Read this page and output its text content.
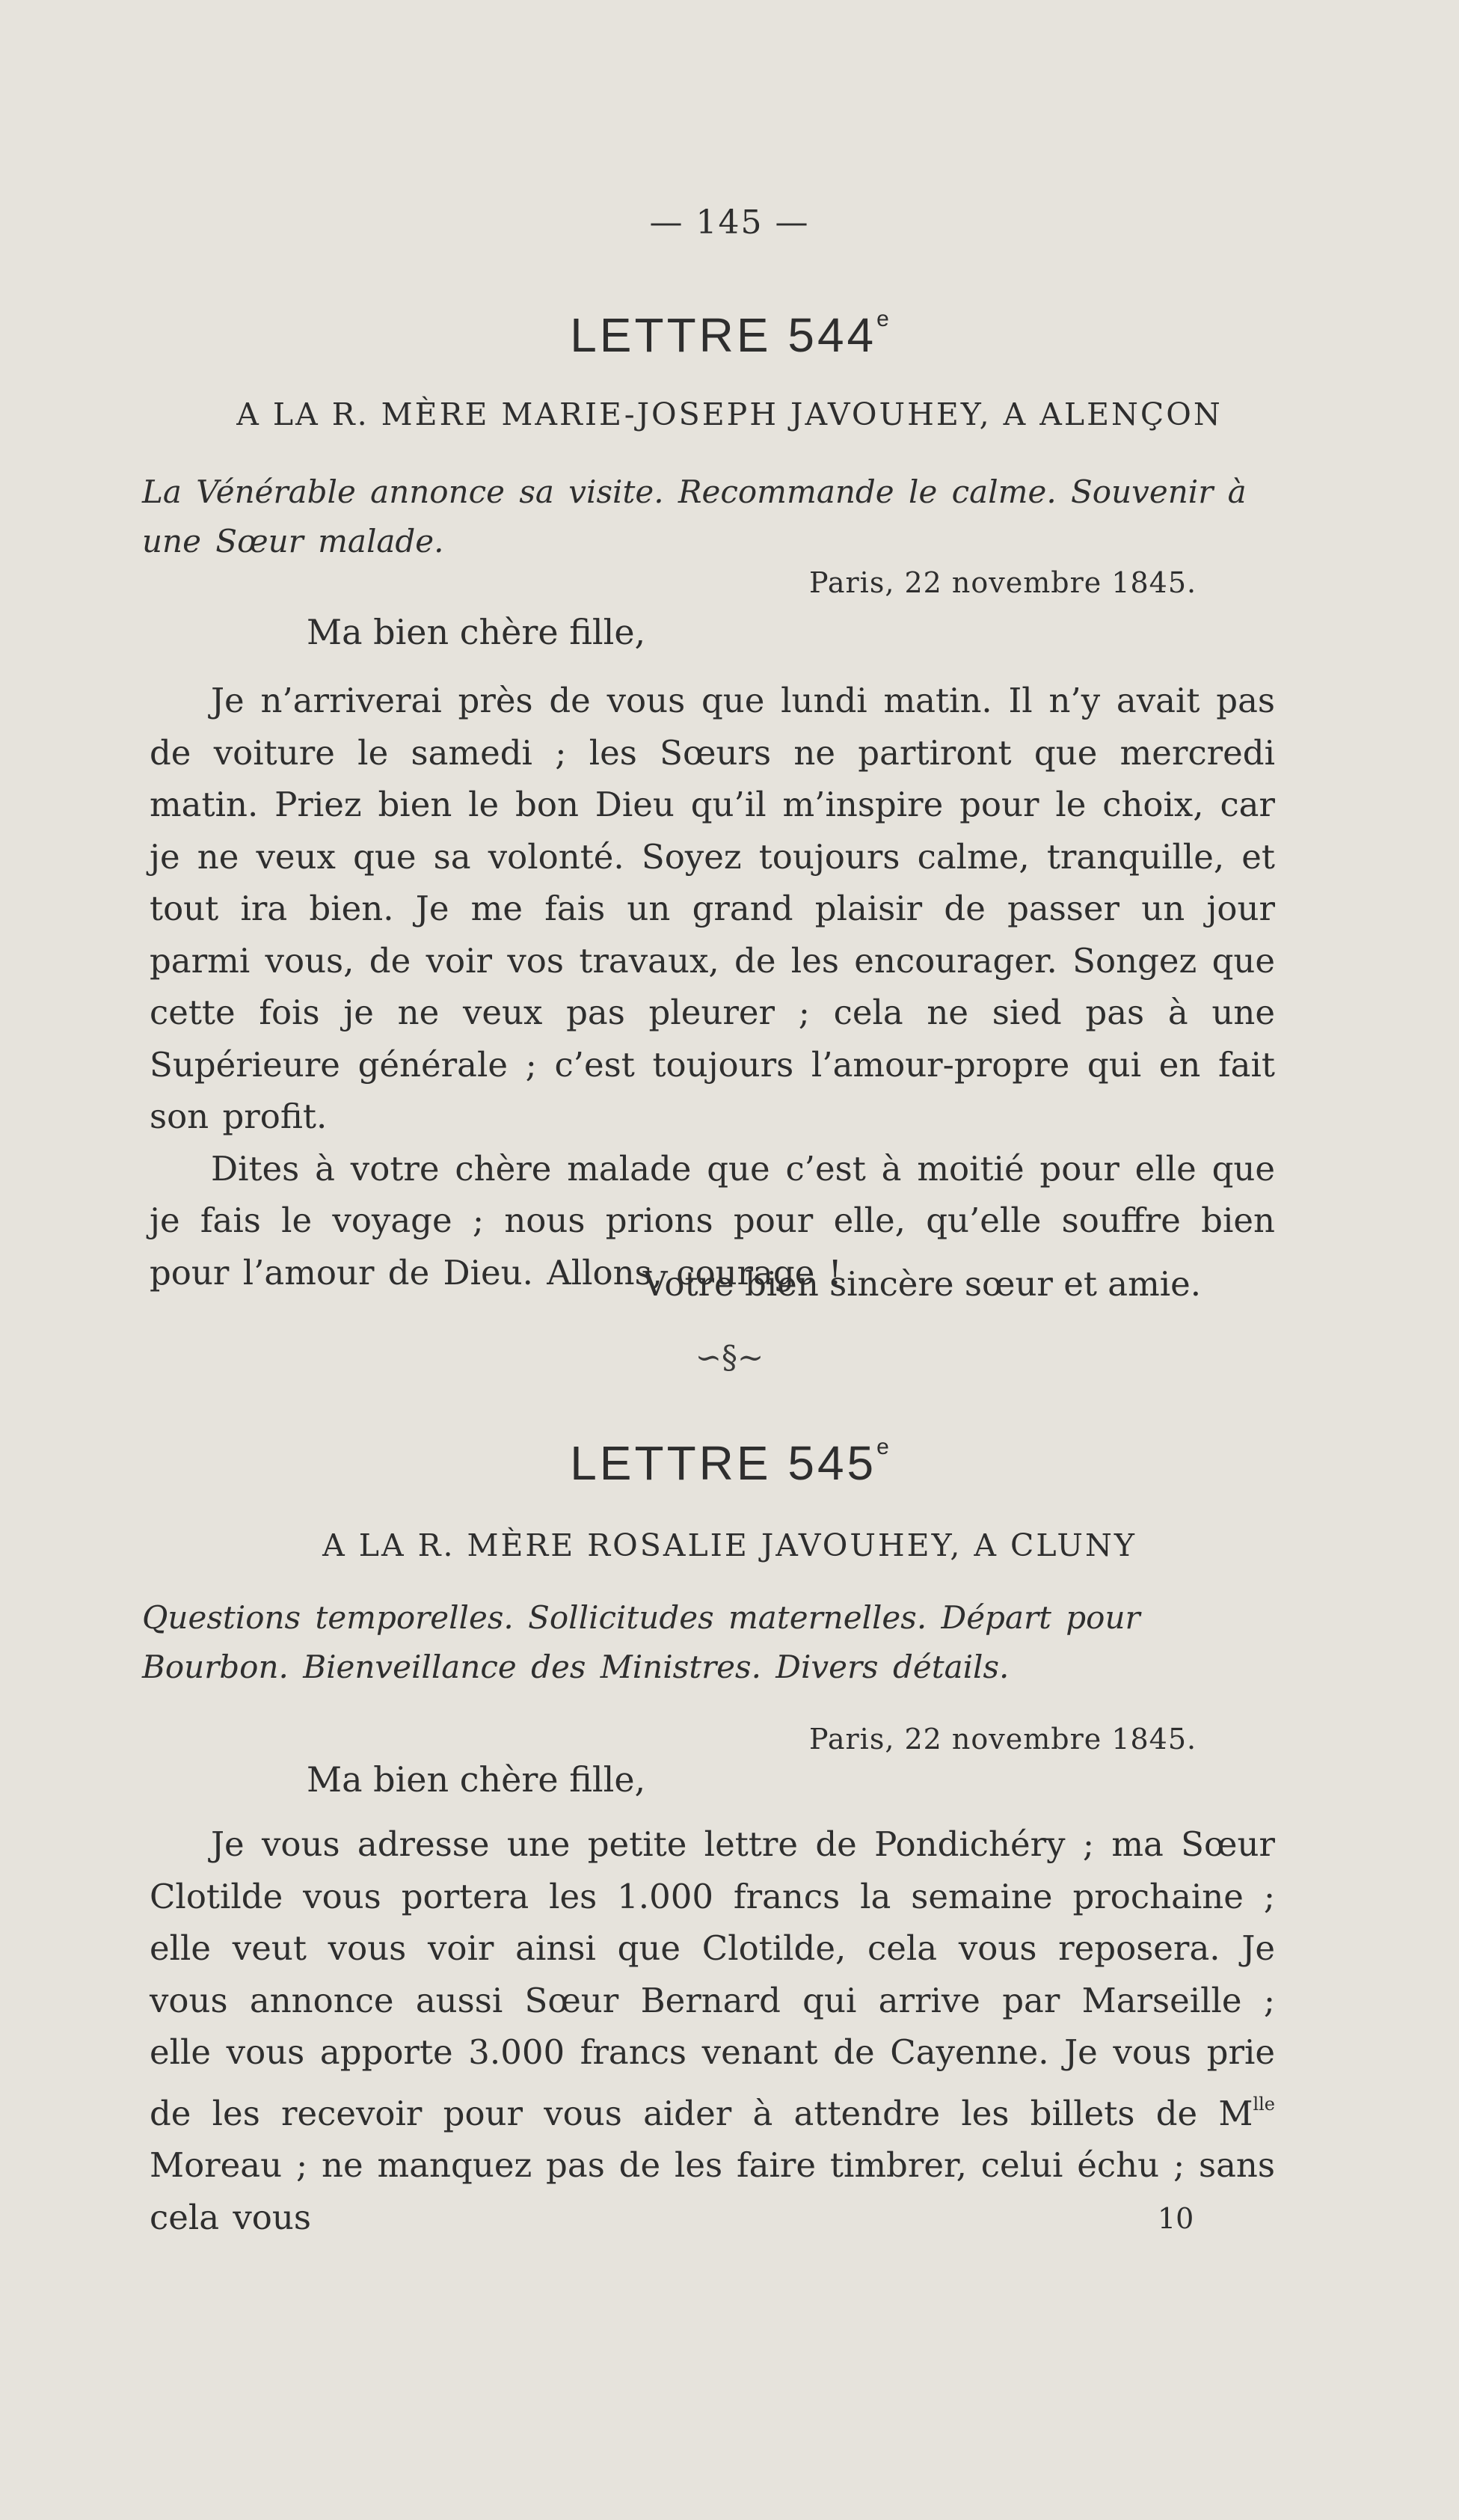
— 145 —
LETTRE 544e
A LA R. MÈRE MARIE-JOSEPH JAVOUHEY, A ALENÇON
La Vénérable annonce sa visite. Recommande le calme. Souvenir à une Sœur malade.
Paris, 22 novembre 1845.
Ma bien chère fille,

Je n’arriverai près de vous que lundi matin. Il n’y avait pas de voiture le samedi ; les Sœurs ne partiront que mercredi matin. Priez bien le bon Dieu qu’il m’inspire pour le choix, car je ne veux que sa volonté. Soyez toujours calme, tranquille, et tout ira bien. Je me fais un grand plaisir de passer un jour parmi vous, de voir vos travaux, de les encourager. Songez que cette fois je ne veux pas pleurer ; cela ne sied pas à une Supérieure générale ; c’est toujours l’amour-propre qui en fait son profit.

Dites à votre chère malade que c’est à moitié pour elle que je fais le voyage ; nous prions pour elle, qu’elle souffre bien pour l’amour de Dieu. Allons, courage !

Votre bien sincère sœur et amie.
∽§∼
LETTRE 545e
A LA R. MÈRE ROSALIE JAVOUHEY, A CLUNY
Questions temporelles. Sollicitudes maternelles. Départ pour Bourbon. Bienveillance des Ministres. Divers détails.
Paris, 22 novembre 1845.
Ma bien chère fille,

Je vous adresse une petite lettre de Pondichéry ; ma Sœur Clotilde vous portera les 1.000 francs la semaine prochaine ; elle veut vous voir ainsi que Clotilde, cela vous reposera. Je vous annonce aussi Sœur Bernard qui arrive par Marseille ; elle vous apporte 3.000 francs venant de Cayenne. Je vous prie de les recevoir pour vous aider à attendre les billets de $M^{lle}$ Moreau ; ne manquez pas de les faire timbrer, celui échu ; sans cela vous	10
